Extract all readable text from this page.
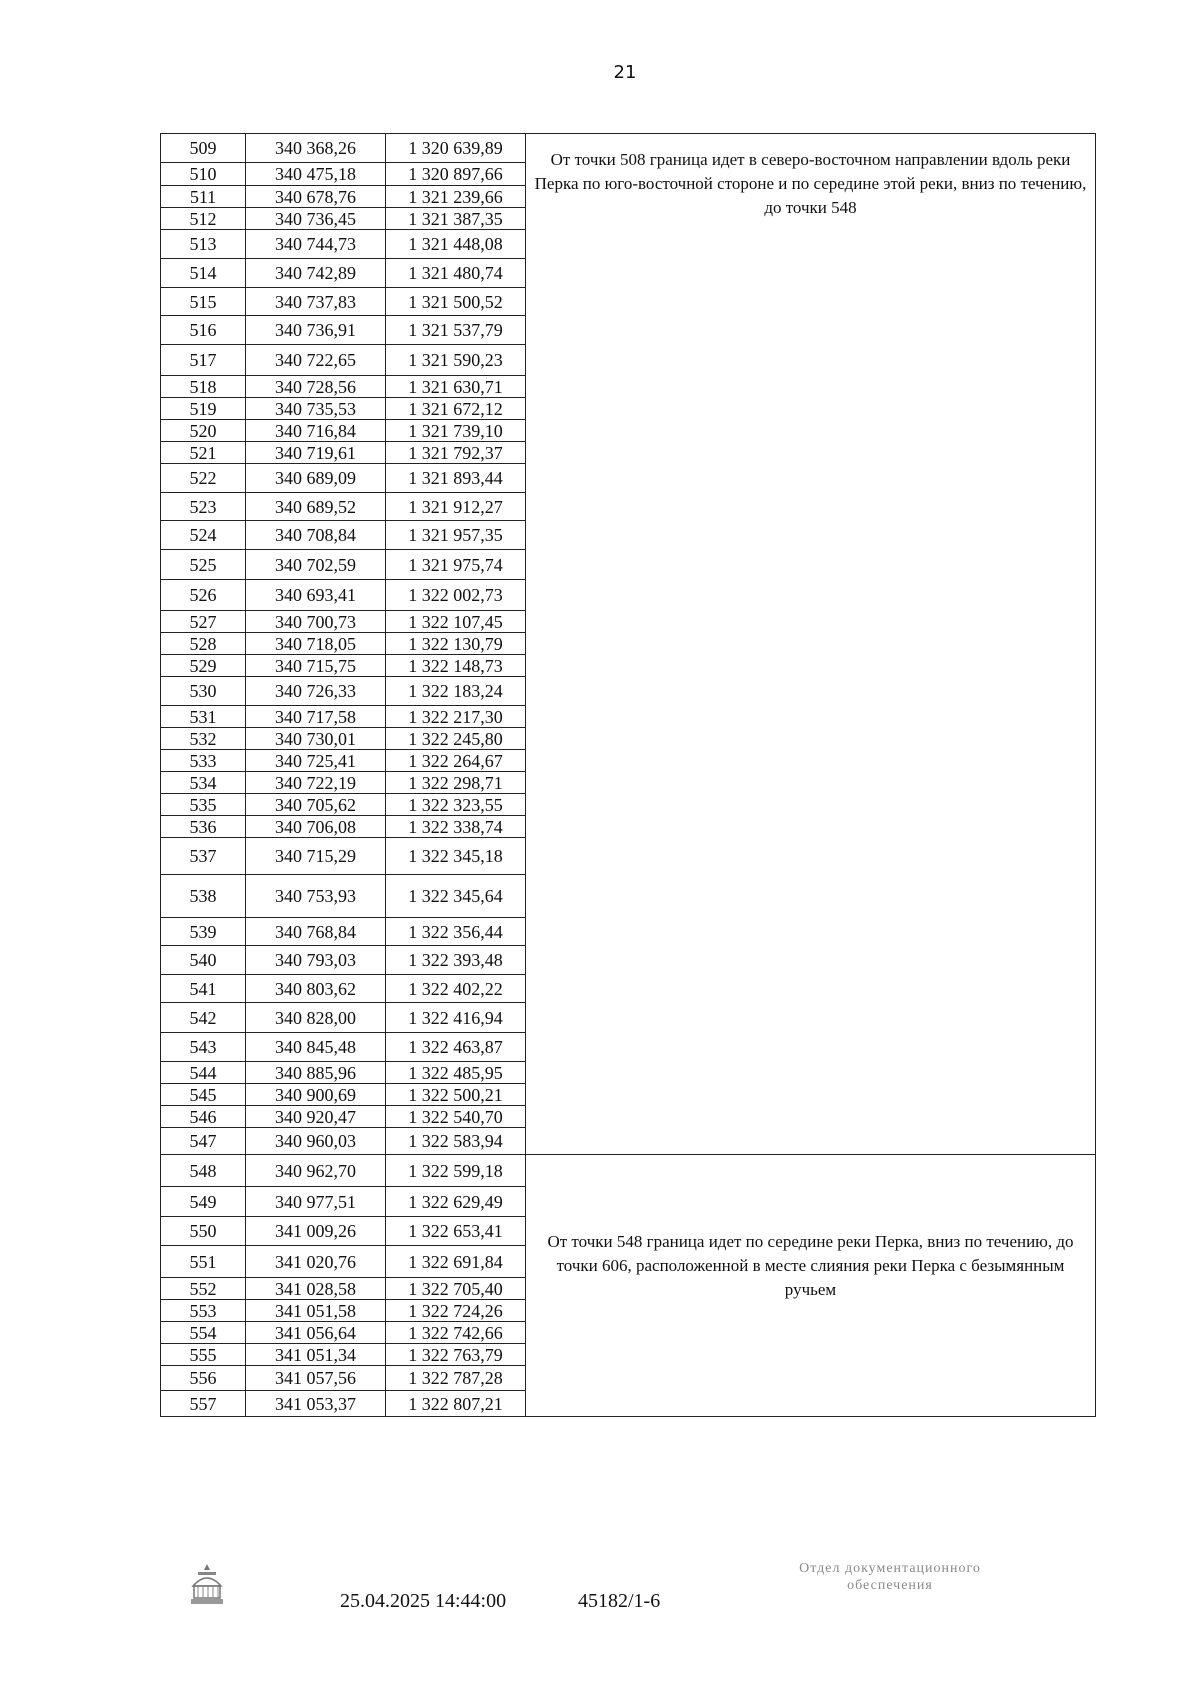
21
509	340 368,26	1 320 639,89	От точки 508 граница идет в северо-восточном направлении вдоль реки Перка по юго-восточной стороне и по середине этой реки, вниз по течению, до точки 548
510	340 475,18	1 320 897,66	
511	340 678,76	1 321 239,66	
512	340 736,45	1 321 387,35	
513	340 744,73	1 321 448,08	
514	340 742,89	1 321 480,74	
515	340 737,83	1 321 500,52	
516	340 736,91	1 321 537,79	
517	340 722,65	1 321 590,23	
518	340 728,56	1 321 630,71	
519	340 735,53	1 321 672,12	
520	340 716,84	1 321 739,10	
521	340 719,61	1 321 792,37	
522	340 689,09	1 321 893,44	
523	340 689,52	1 321 912,27	
524	340 708,84	1 321 957,35	
525	340 702,59	1 321 975,74	
526	340 693,41	1 322 002,73	
527	340 700,73	1 322 107,45	
528	340 718,05	1 322 130,79	
529	340 715,75	1 322 148,73	
530	340 726,33	1 322 183,24	
531	340 717,58	1 322 217,30	
532	340 730,01	1 322 245,80	
533	340 725,41	1 322 264,67	
534	340 722,19	1 322 298,71	
535	340 705,62	1 322 323,55	
536	340 706,08	1 322 338,74	
537	340 715,29	1 322 345,18	
538	340 753,93	1 322 345,64	
539	340 768,84	1 322 356,44	
540	340 793,03	1 322 393,48	
541	340 803,62	1 322 402,22	
542	340 828,00	1 322 416,94	
543	340 845,48	1 322 463,87	
544	340 885,96	1 322 485,95	
545	340 900,69	1 322 500,21	
546	340 920,47	1 322 540,70	
547	340 960,03	1 322 583,94	
548	340 962,70	1 322 599,18	От точки 548 граница идет по середине реки Перка, вниз по течению, до точки 606, расположенной в месте слияния реки Перка с безымянным ручьем
549	340 977,51	1 322 629,49	
550	341 009,26	1 322 653,41	
551	341 020,76	1 322 691,84	
552	341 028,58	1 322 705,40	
553	341 051,58	1 322 724,26	
554	341 056,64	1 322 742,66	
555	341 051,34	1 322 763,79	
556	341 057,56	1 322 787,28	
557	341 053,37	1 322 807,21	
25.04.2025 14:44:00	45182/1-6
Отдел документационного
обеспечения
